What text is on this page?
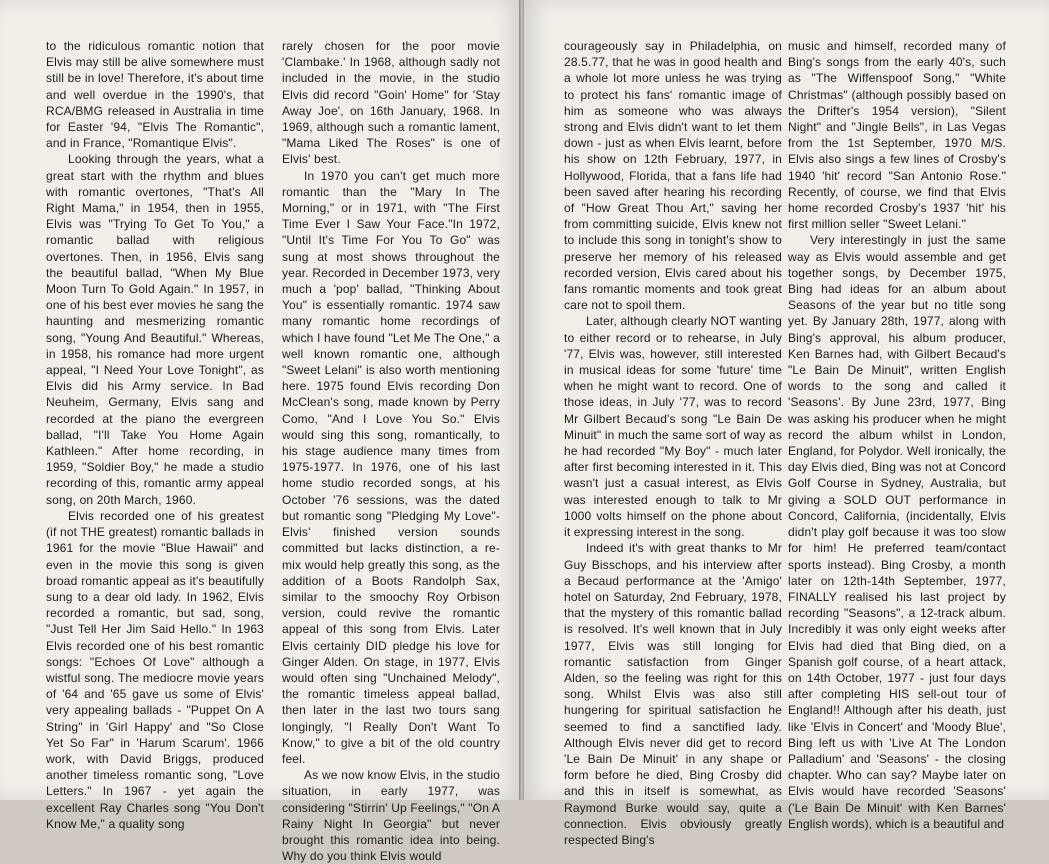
to the ridiculous romantic notion that Elvis may still be alive somewhere must still be in love! Therefore, it's about time and well overdue in the 1990's, that RCA/BMG released in Australia in time for Easter '94, "Elvis The Romantic", and in France, "Romantique Elvis".

Looking through the years, what a great start with the rhythm and blues with romantic overtones, "That's All Right Mama," in 1954, then in 1955, Elvis was "Trying To Get To You," a romantic ballad with religious overtones. Then, in 1956, Elvis sang the beautiful ballad, "When My Blue Moon Turn To Gold Again." In 1957, in one of his best ever movies he sang the haunting and mesmerizing romantic song, "Young And Beautiful." Whereas, in 1958, his romance had more urgent appeal, "I Need Your Love Tonight", as Elvis did his Army service. In Bad Neuheim, Germany, Elvis sang and recorded at the piano the evergreen ballad, "I'll Take You Home Again Kathleen." After home recording, in 1959, "Soldier Boy," he made a studio recording of this, romantic army appeal song, on 20th March, 1960.

Elvis recorded one of his greatest (if not THE greatest) romantic ballads in 1961 for the movie "Blue Hawaii" and even in the movie this song is given broad romantic appeal as it's beautifully sung to a dear old lady. In 1962, Elvis recorded a romantic, but sad, song, "Just Tell Her Jim Said Hello." In 1963 Elvis recorded one of his best romantic songs: "Echoes Of Love" although a wistful song. The mediocre movie years of '64 and '65 gave us some of Elvis' very appealing ballads - "Puppet On A String" in 'Girl Happy' and "So Close Yet So Far" in 'Harum Scarum'. 1966 work, with David Briggs, produced another timeless romantic song, "Love Letters." In 1967 - yet again the excellent Ray Charles song "You Don't Know Me," a quality song

rarely chosen for the poor movie 'Clambake.' In 1968, although sadly not included in the movie, in the studio Elvis did record "Goin' Home" for 'Stay Away Joe', on 16th January, 1968. In 1969, although such a romantic lament, "Mama Liked The Roses" is one of Elvis' best.

In 1970 you can't get much more romantic than the "Mary In The Morning," or in 1971, with "The First Time Ever I Saw Your Face."In 1972, "Until It's Time For You To Go" was sung at most shows throughout the year. Recorded in December 1973, very much a 'pop' ballad, "Thinking About You" is essentially romantic. 1974 saw many romantic home recordings of which I have found "Let Me The One," a well known romantic one, although "Sweet Lelani" is also worth mentioning here. 1975 found Elvis recording Don McClean's song, made known by Perry Como, "And I Love You So." Elvis would sing this song, romantically, to his stage audience many times from 1975-1977. In 1976, one of his last home studio recorded songs, at his October '76 sessions, was the dated but romantic song "Pledging My Love"- Elvis' finished version sounds committed but lacks distinction, a re-mix would help greatly this song, as the addition of a Boots Randolph Sax, similar to the smoochy Roy Orbison version, could revive the romantic appeal of this song from Elvis. Later Elvis certainly DID pledge his love for Ginger Alden. On stage, in 1977, Elvis would often sing "Unchained Melody", the romantic timeless appeal ballad, then later in the last two tours sang longingly, "I Really Don't Want To Know," to give a bit of the old country feel.

As we now know Elvis, in the studio situation, in early 1977, was considering "Stirrin' Up Feelings," "On A Rainy Night In Georgia" but never brought this romantic idea into being. Why do you think Elvis would

courageously say in Philadelphia, on 28.5.77, that he was in good health and a whole lot more unless he was trying to protect his fans' romantic image of him as someone who was always strong and Elvis didn't want to let them down - just as when Elvis learnt, before his show on 12th February, 1977, in Hollywood, Florida, that a fans life had been saved after hearing his recording of "How Great Thou Art," saving her from committing suicide, Elvis knew not to include this song in tonight's show to preserve her memory of his released recorded version, Elvis cared about his fans romantic moments and took great care not to spoil them.

Later, although clearly NOT wanting to either record or to rehearse, in July '77, Elvis was, however, still interested in musical ideas for some 'future' time when he might want to record. One of those ideas, in July '77, was to record Mr Gilbert Becaud's song "Le Bain De Minuit" in much the same sort of way as he had recorded "My Boy" - much later after first becoming interested in it. This wasn't just a casual interest, as Elvis was interested enough to talk to Mr 1000 volts himself on the phone about it expressing interest in the song.

Indeed it's with great thanks to Mr Guy Bisschops, and his interview after a Becaud performance at the 'Amigo' hotel on Saturday, 2nd February, 1978, that the mystery of this romantic ballad is resolved. It's well known that in July 1977, Elvis was still longing for romantic satisfaction from Ginger Alden, so the feeling was right for this song. Whilst Elvis was also still hungering for spiritual satisfaction he seemed to find a sanctified lady. Although Elvis never did get to record 'Le Bain De Minuit' in any shape or form before he died, Bing Crosby did and this in itself is somewhat, as Raymond Burke would say, quite a connection. Elvis obviously greatly respected Bing's

music and himself, recorded many of Bing's songs from the early 40's, such as "The Wiffenspoof Song," "White Christmas" (although possibly based on the Drifter's 1954 version), "Silent Night" and "Jingle Bells", in Las Vegas from the 1st September, 1970 M/S. Elvis also sings a few lines of Crosby's 1940 'hit' record "San Antonio Rose." Recently, of course, we find that Elvis home recorded Crosby's 1937 'hit' his first million seller "Sweet Lelani."

Very interestingly in just the same way as Elvis would assemble and get together songs, by December 1975, Bing had ideas for an album about Seasons of the year but no title song yet. By January 28th, 1977, along with Bing's approval, his album producer, Ken Barnes had, with Gilbert Becaud's "Le Bain De Minuit", written English words to the song and called it 'Seasons'. By June 23rd, 1977, Bing was asking his producer when he might record the album whilst in London, England, for Polydor. Well ironically, the day Elvis died, Bing was not at Concord Golf Course in Sydney, Australia, but giving a SOLD OUT performance in Concord, California, (incidentally, Elvis didn't play golf because it was too slow for him! He preferred team/contact sports instead). Bing Crosby, a month later on 12th-14th September, 1977, FINALLY realised his last project by recording "Seasons", a 12-track album. Incredibly it was only eight weeks after Elvis had died that Bing died, on a Spanish golf course, of a heart attack, on 14th October, 1977 - just four days after completing HIS sell-out tour of England!! Although after his death, just like 'Elvis in Concert' and 'Moody Blue', Bing left us with 'Live At The London Palladium' and 'Seasons' - the closing chapter. Who can say? Maybe later on Elvis would have recorded 'Seasons' ('Le Bain De Minuit' with Ken Barnes' English words), which is a beautiful and
